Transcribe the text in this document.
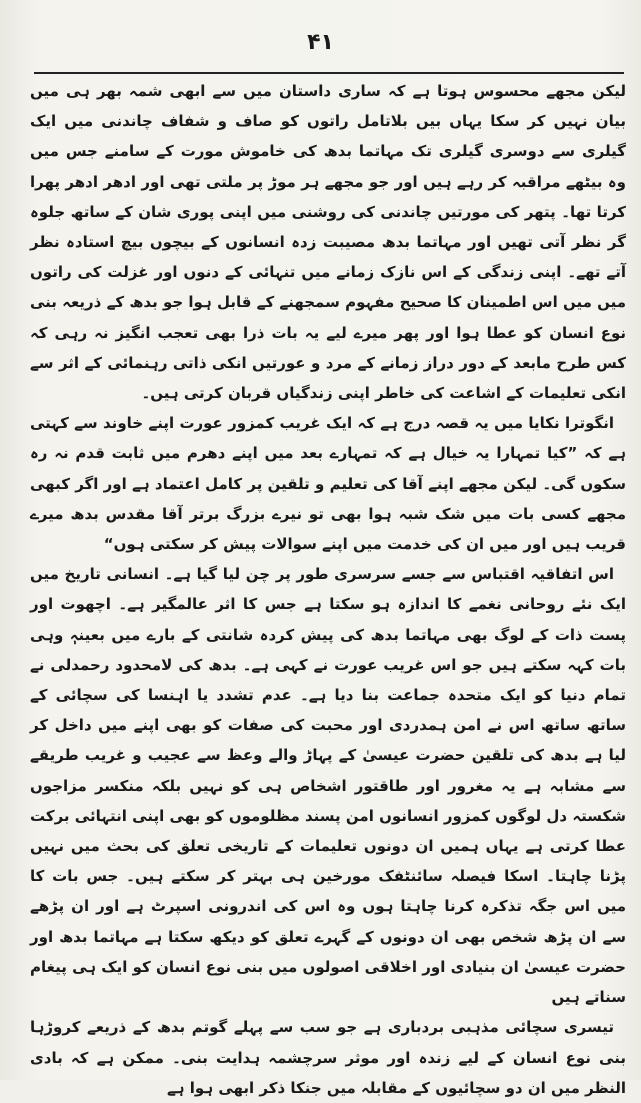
۴۱

لیکن مجھے محسوس ہوتا ہے کہ ساری داستان میں سے ابھی شمہ بھر ہی میں بیان نہیں کر سکا یہاں بیں بلاتامل راتوں کو صاف و شفاف چاندنی میں ایک گیلری سے دوسری گیلری تک مہاتما بدھ کی خاموش مورت کے سامنے جس میں وہ بیٹھے مراقبہ کر رہے ہیں اور جو مجھے ہر موڑ پر ملتی تھی اور ادھر ادھر پھرا کرتا تھا۔ پتھر کی مورتیں چاندنی کی روشنی میں اپنی پوری شان کے ساتھ جلوہ گر نظر آتی تھیں اور مہاتما بدھ مصیبت زدہ انسانوں کے بیچوں بیچ استادہ نظر آتے تھے۔ اپنی زندگی کے اس نازک زمانے میں تنہائی کے دنوں اور غزلت کی راتوں میں میں اس اطمینان کا صحیح مفہوم سمجھنے کے قابل ہوا جو بدھ کے ذریعہ بنی نوع انسان کو عطا ہوا اور پھر میرے لیے یہ بات ذرا بھی تعجب انگیز نہ رہی کہ کس طرح مابعد کے دور دراز زمانے کے مرد و عورتیں انکی ذاتی رہنمائی کے اثر سے انکی تعلیمات کے اشاعت کی خاطر اپنی زندگیاں قربان کرتی ہیں۔

انگوترا نکایا میں یہ قصہ درج ہے کہ ایک غریب کمزور عورت اپنے خاوند سے کہتی ہے کہ ”کیا تمہارا یہ خیال ہے کہ تمہارے بعد میں اپنے دھرم میں ثابت قدم نہ رہ سکوں گی۔ لیکن مجھے اپنے آقا کی تعلیم و تلقین پر کامل اعتماد ہے اور اگر کبھی مجھے کسی بات میں شک شبہ ہوا بھی تو نیرے بزرگ برتر آقا مقدس بدھ میرے قریب ہیں اور میں ان کی خدمت میں اپنے سوالات پیش کر سکتی ہوں“

اس اتفاقیہ اقتباس سے جسے سرسری طور پر چن لیا گیا ہے۔ انسانی تاریخ میں ایک نئے روحانی نغمے کا اندازہ ہو سکتا ہے جس کا اثر عالمگیر ہے۔ اچھوت اور پست ذات کے لوگ بھی مہاتما بدھ کی پیش کردہ شانتی کے بارے میں بعینہٖ وہی بات کہہ سکتے ہیں جو اس غریب عورت نے کہی ہے۔ بدھ کی لامحدود رحمدلی نے تمام دنیا کو ایک متحدہ جماعت بنا دیا ہے۔ عدم تشدد یا اہنسا کی سچائی کے ساتھ ساتھ اس نے امن ہمدردی اور محبت کی صفات کو بھی اپنے میں داخل کر لیا ہے بدھ کی تلقین حضرت عیسیٰ کے پہاڑ والے وعظ سے عجیب و غریب طریقے سے مشابہ ہے یہ مغرور اور طاقتور اشخاص ہی کو نہیں بلکہ منکسر مزاجوں شکستہ دل لوگوں کمزور انسانوں امن پسند مظلوموں کو بھی اپنی انتہائی برکت عطا کرتی ہے یہاں ہمیں ان دونوں تعلیمات کے تاریخی تعلق کی بحث میں نہیں پڑنا چاہتا۔ اسکا فیصلہ سائنٹفک مورخین ہی بہتر کر سکتے ہیں۔ جس بات کا میں اس جگہ تذکرہ کرنا چاہتا ہوں وہ اس کی اندرونی اسپرٹ ہے اور ان پڑھے سے ان پڑھ شخص بھی ان دونوں کے گہرے تعلق کو دیکھ سکتا ہے مہاتما بدھ اور حضرت عیسیٰ ان بنیادی اور اخلاقی اصولوں میں بنی نوع انسان کو ایک ہی پیغام سناتے ہیں

تیسری سچائی مذہبی بردباری ہے جو سب سے پہلے گوتم بدھ کے ذریعے کروڑہا بنی نوع انسان کے لیے زندہ اور موثر سرچشمہ ہدایت بنی۔ ممکن ہے کہ بادی النظر میں ان دو سچائیوں کے مقابلہ میں جنکا ذکر ابھی ہوا ہے
